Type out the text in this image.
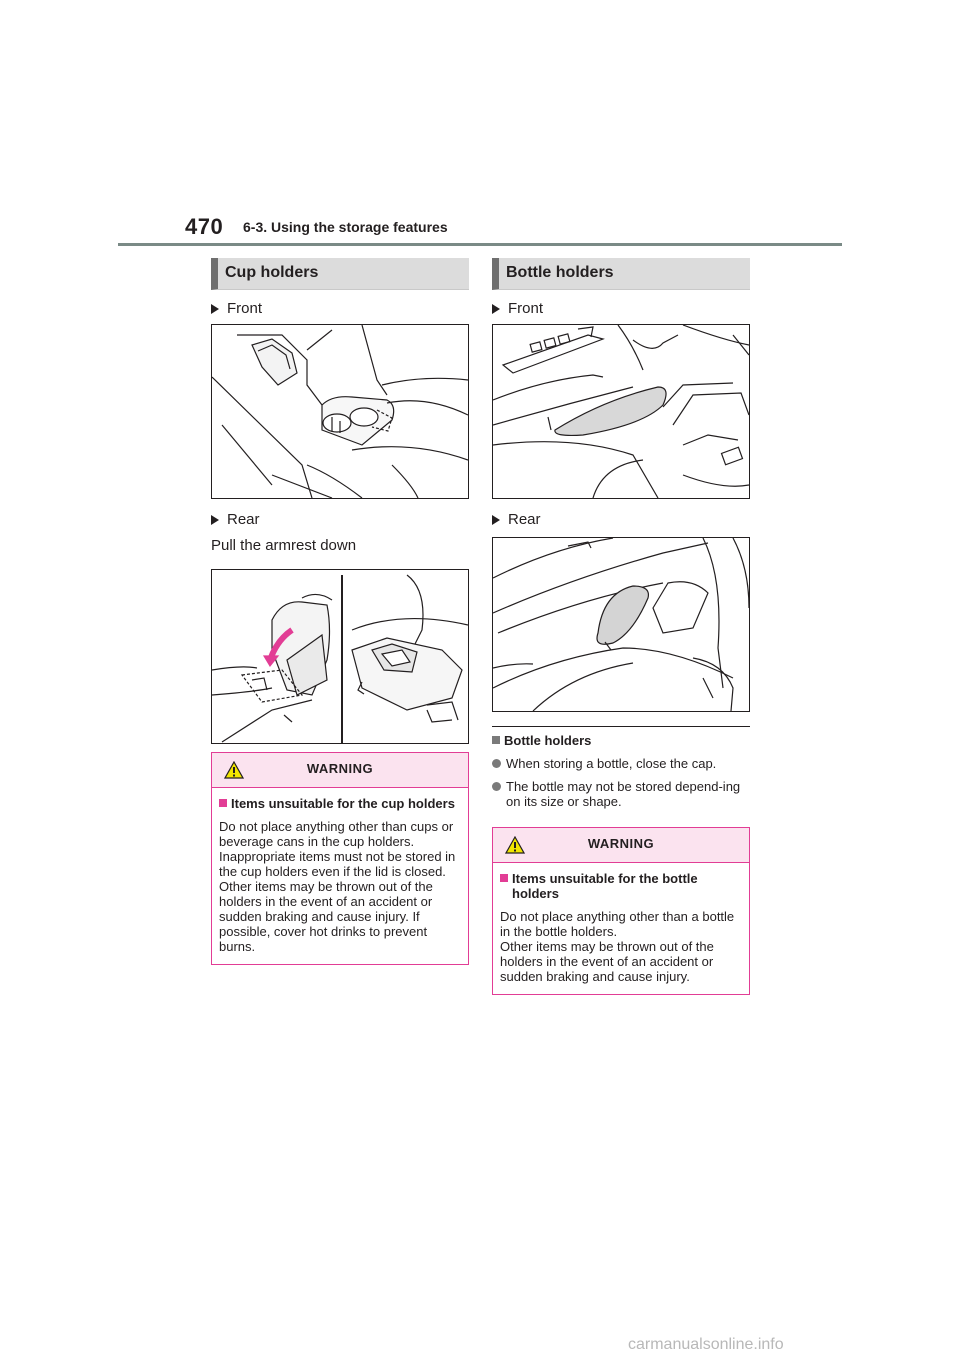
470 6-3. Using the storage features
Cup holders
Front
Rear
Pull the armrest down
WARNING
Items unsuitable for the cup holders
Do not place anything other than cups or beverage cans in the cup holders.
Inappropriate items must not be stored in the cup holders even if the lid is closed.
Other items may be thrown out of the holders in the event of an accident or sudden braking and cause injury. If possible, cover hot drinks to prevent burns.
Bottle holders
Front
Rear
Bottle holders
When storing a bottle, close the cap.
The bottle may not be stored depend-ing on its size or shape.
WARNING
Items unsuitable for the bottle holders
Do not place anything other than a bottle in the bottle holders.
Other items may be thrown out of the holders in the event of an accident or sudden braking and cause injury.
carmanualsonline.info
